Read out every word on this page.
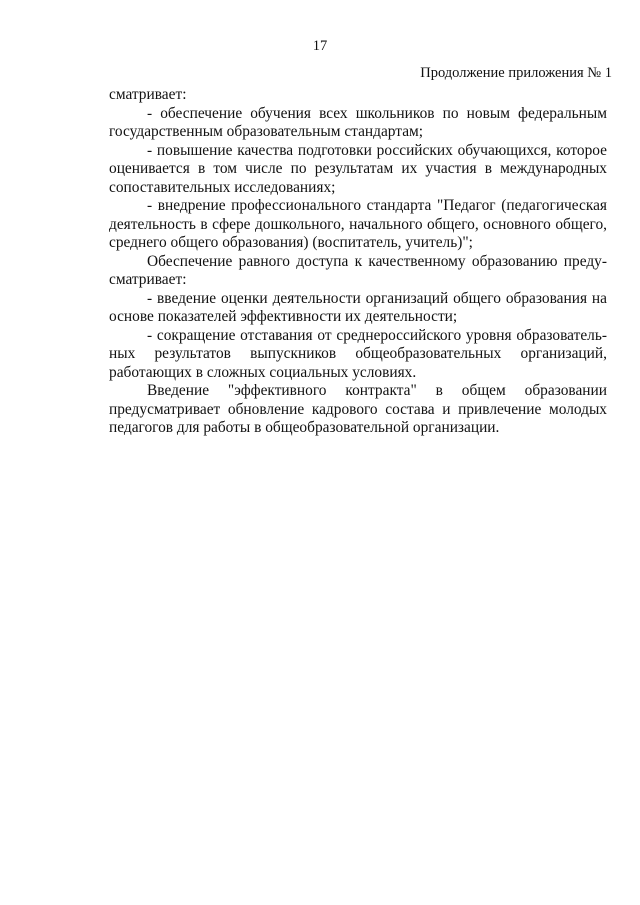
17
Продолжение приложения № 1

сматривает:

- обеспечение обучения всех школьников по новым федеральным государственным образовательным стандартам;

- повышение качества подготовки российских обучающихся, которое оценивается в том числе по результатам их участия в международных сопоставительных исследованиях;

- внедрение профессионального стандарта "Педагог (педагогическая деятельность в сфере дошкольного, начального общего, основного общего, среднего общего образования) (воспитатель, учитель)";

Обеспечение равного доступа к качественному образованию предусматривает:

- введение оценки деятельности организаций общего образования на основе показателей эффективности их деятельности;

- сокращение отставания от среднероссийского уровня образовательных результатов выпускников общеобразовательных организаций, работающих в сложных социальных условиях.

Введение "эффективного контракта" в общем образовании предусматривает обновление кадрового состава и привлечение молодых педагогов для работы в общеобразовательной организации.
